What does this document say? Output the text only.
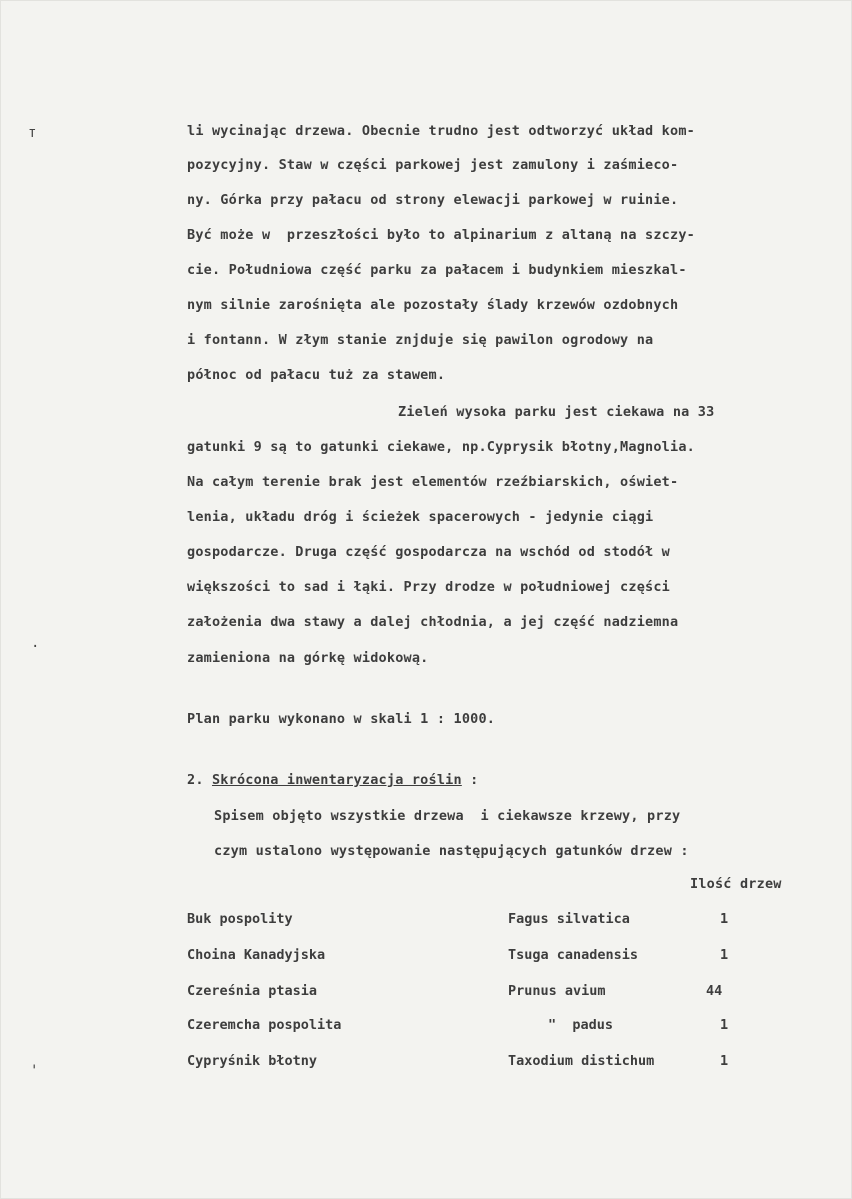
т
·
'
li wycinając drzewa. Obecnie trudno jest odtworzyć układ kom-
pozycyjny. Staw w części parkowej jest zamulony i zaśmieco-
ny. Górka przy pałacu od strony elewacji parkowej w ruinie.
Być może w  przeszłości było to alpinarium z altaną na szczy-
cie. Południowa część parku za pałacem i budynkiem mieszkal-
nym silnie zarośnięta ale pozostały ślady krzewów ozdobnych
i fontann. W złym stanie znjduje się pawilon ogrodowy na
północ od pałacu tuż za stawem.
Zieleń wysoka parku jest ciekawa na 33
gatunki 9 są to gatunki ciekawe, np.Cyprysik błotny,Magnolia.
Na całym terenie brak jest elementów rzeźbiarskich, oświet-
lenia, układu dróg i ścieżek spacerowych - jedynie ciągi
gospodarcze. Druga część gospodarcza na wschód od stodół w
większości to sad i łąki. Przy drodze w południowej części
założenia dwa stawy a dalej chłodnia, a jej część nadziemna
zamieniona na górkę widokową.
Plan parku wykonano w skali 1 : 1000.
2. Skrócona inwentaryzacja roślin :
Spisem objęto wszystkie drzewa  i ciekawsze krzewy, przy
czym ustalono występowanie następujących gatunków drzew :
Ilość drzew
Buk pospolity	Fagus silvatica	1
Choina Kanadyjska	Tsuga canadensis	1
Czereśnia ptasia	Prunus avium	44
Czeremcha pospolita	"  padus	1
Cypryśnik błotny	Taxodium distichum	1
